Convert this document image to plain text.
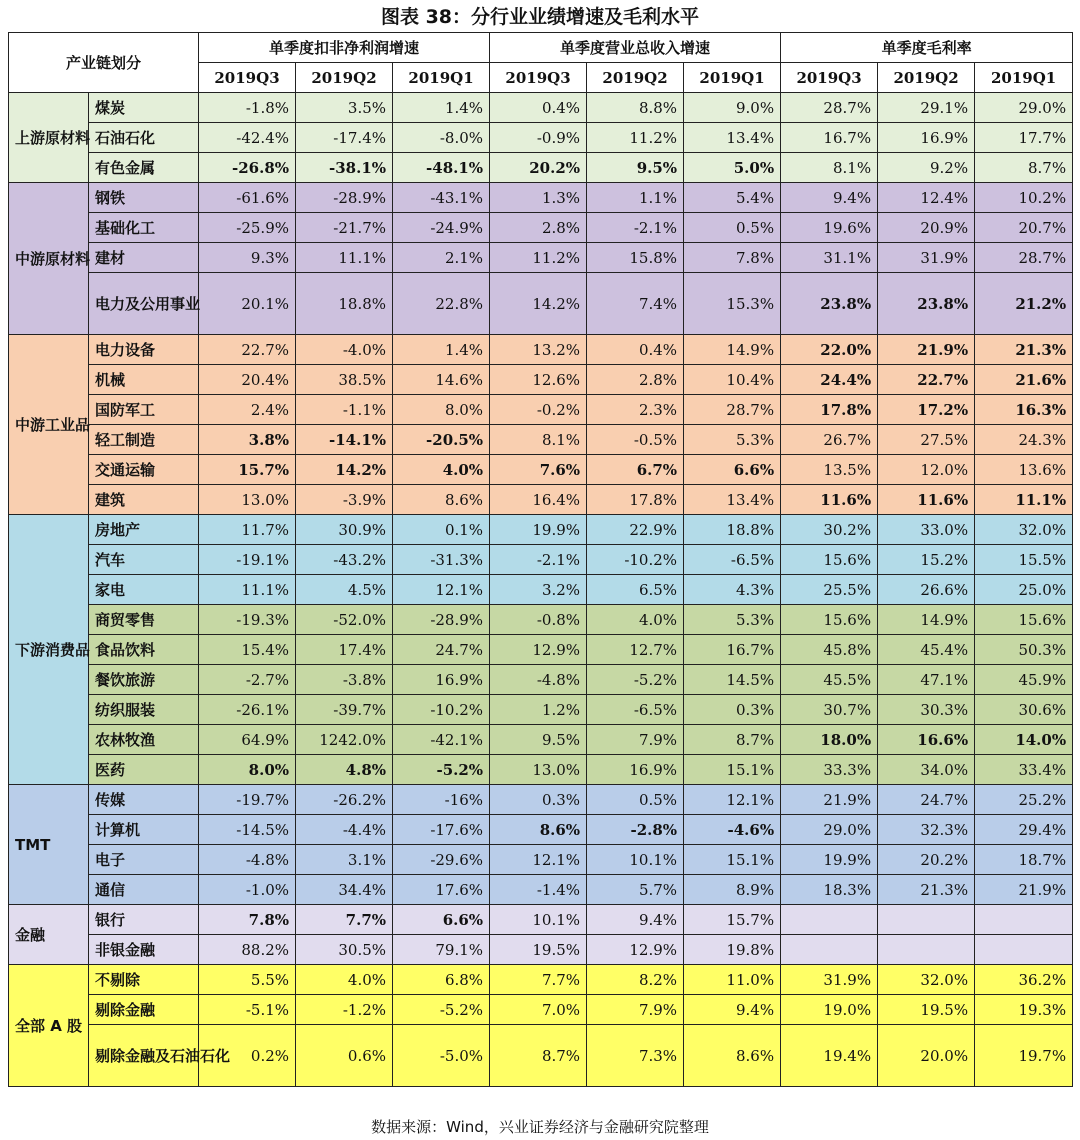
图表 38：分行业业绩增速及毛利水平
产业链划分		单季度扣非净利润增速			单季度营业总收入增速			单季度毛利率		
		2019Q3	2019Q2	2019Q1	2019Q3	2019Q2	2019Q1	2019Q3	2019Q2	2019Q1
上游原材料	煤炭	-1.8%	3.5%	1.4%	0.4%	8.8%	9.0%	28.7%	29.1%	29.0%
	石油石化	-42.4%	-17.4%	-8.0%	-0.9%	11.2%	13.4%	16.7%	16.9%	17.7%
	有色金属	-26.8%	-38.1%	-48.1%	20.2%	9.5%	5.0%	8.1%	9.2%	8.7%
中游原材料	钢铁	-61.6%	-28.9%	-43.1%	1.3%	1.1%	5.4%	9.4%	12.4%	10.2%
	基础化工	-25.9%	-21.7%	-24.9%	2.8%	-2.1%	0.5%	19.6%	20.9%	20.7%
	建材	9.3%	11.1%	2.1%	11.2%	15.8%	7.8%	31.1%	31.9%	28.7%
	电力及公用事业	20.1%	18.8%	22.8%	14.2%	7.4%	15.3%	23.8%	23.8%	21.2%
中游工业品	电力设备	22.7%	-4.0%	1.4%	13.2%	0.4%	14.9%	22.0%	21.9%	21.3%
	机械	20.4%	38.5%	14.6%	12.6%	2.8%	10.4%	24.4%	22.7%	21.6%
	国防军工	2.4%	-1.1%	8.0%	-0.2%	2.3%	28.7%	17.8%	17.2%	16.3%
	轻工制造	3.8%	-14.1%	-20.5%	8.1%	-0.5%	5.3%	26.7%	27.5%	24.3%
	交通运输	15.7%	14.2%	4.0%	7.6%	6.7%	6.6%	13.5%	12.0%	13.6%
	建筑	13.0%	-3.9%	8.6%	16.4%	17.8%	13.4%	11.6%	11.6%	11.1%
下游消费品	房地产	11.7%	30.9%	0.1%	19.9%	22.9%	18.8%	30.2%	33.0%	32.0%
	汽车	-19.1%	-43.2%	-31.3%	-2.1%	-10.2%	-6.5%	15.6%	15.2%	15.5%
	家电	11.1%	4.5%	12.1%	3.2%	6.5%	4.3%	25.5%	26.6%	25.0%
	商贸零售	-19.3%	-52.0%	-28.9%	-0.8%	4.0%	5.3%	15.6%	14.9%	15.6%
	食品饮料	15.4%	17.4%	24.7%	12.9%	12.7%	16.7%	45.8%	45.4%	50.3%
	餐饮旅游	-2.7%	-3.8%	16.9%	-4.8%	-5.2%	14.5%	45.5%	47.1%	45.9%
	纺织服装	-26.1%	-39.7%	-10.2%	1.2%	-6.5%	0.3%	30.7%	30.3%	30.6%
	农林牧渔	64.9%	1242.0%	-42.1%	9.5%	7.9%	8.7%	18.0%	16.6%	14.0%
	医药	8.0%	4.8%	-5.2%	13.0%	16.9%	15.1%	33.3%	34.0%	33.4%
TMT	传媒	-19.7%	-26.2%	-16%	0.3%	0.5%	12.1%	21.9%	24.7%	25.2%
	计算机	-14.5%	-4.4%	-17.6%	8.6%	-2.8%	-4.6%	29.0%	32.3%	29.4%
	电子	-4.8%	3.1%	-29.6%	12.1%	10.1%	15.1%	19.9%	20.2%	18.7%
	通信	-1.0%	34.4%	17.6%	-1.4%	5.7%	8.9%	18.3%	21.3%	21.9%
金融	银行	7.8%	7.7%	6.6%	10.1%	9.4%	15.7%			
	非银金融	88.2%	30.5%	79.1%	19.5%	12.9%	19.8%			
全部 A 股	不剔除	5.5%	4.0%	6.8%	7.7%	8.2%	11.0%	31.9%	32.0%	36.2%
	剔除金融	-5.1%	-1.2%	-5.2%	7.0%	7.9%	9.4%	19.0%	19.5%	19.3%
	剔除金融及石油石化	0.2%	0.6%	-5.0%	8.7%	7.3%	8.6%	19.4%	20.0%	19.7%
数据来源：Wind，兴业证券经济与金融研究院整理
